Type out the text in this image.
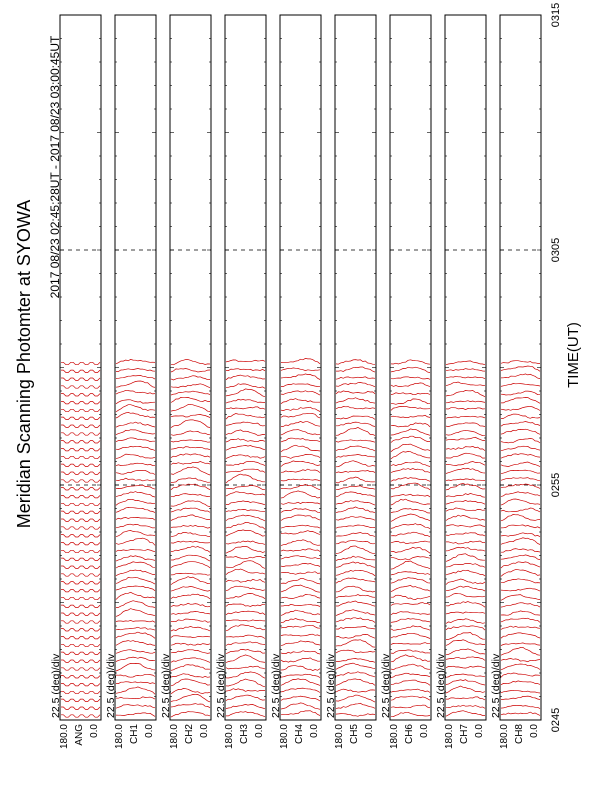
Meridian Scanning Photomter at SYOWA
2017 08/23 02:45:28UT - 2017 08/23 03:00:45UT
TIME(UT)
22.5 (deg)/div
180.0 ANG 0.0
22.5 (deg)/div
180.0 CH1 0.0
22.5 (deg)/div
180.0 CH2 0.0
22.5 (deg)/div
180.0 CH3 0.0
22.5 (deg)/div
180.0 CH4 0.0
22.5 (deg)/div
180.0 CH5 0.0
22.5 (deg)/div
180.0 CH6 0.0
22.5 (deg)/div
180.0 CH7 0.0
22.5 (deg)/div
180.0 CH8 0.0 0245
0255
0305
0315
